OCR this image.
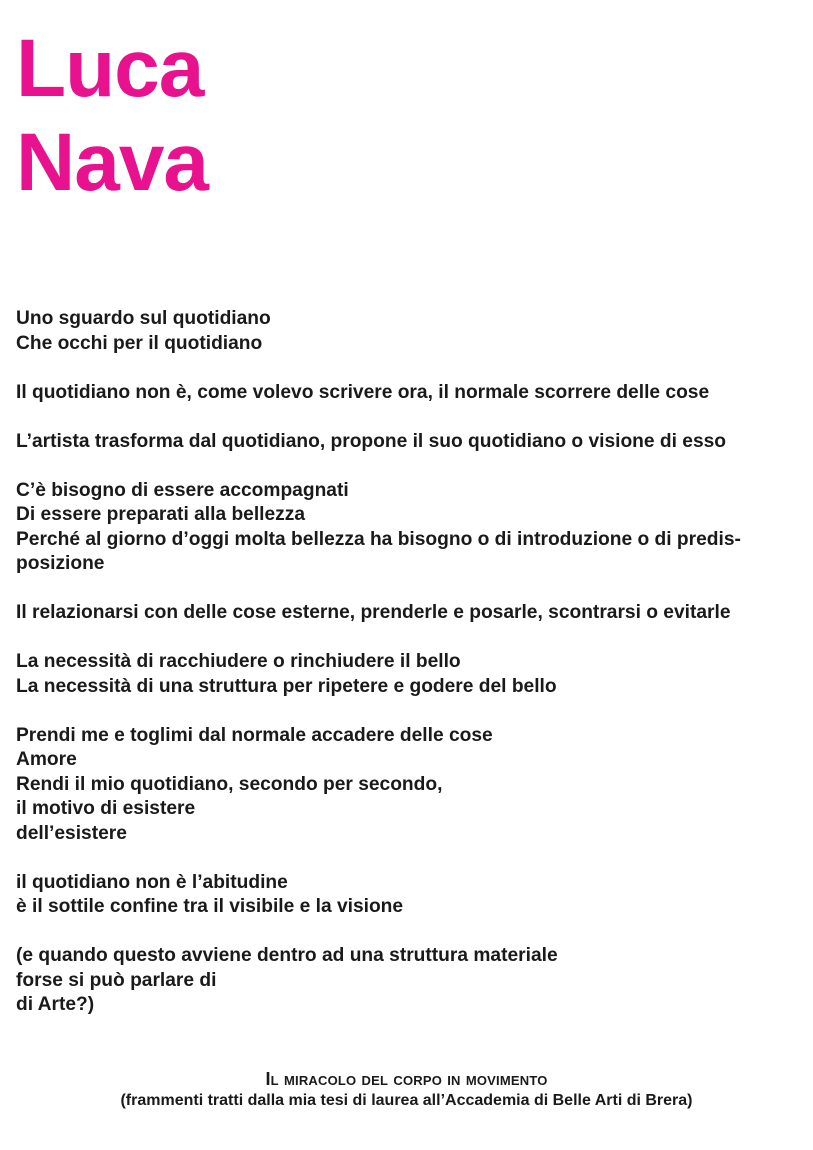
Luca
Nava

Uno sguardo sul quotidiano
Che occhi per il quotidiano

Il quotidiano non è, come volevo scrivere ora, il normale scorrere delle cose

L’artista trasforma dal quotidiano, propone il suo quotidiano o visione di esso

C’è bisogno di essere accompagnati
Di essere preparati alla bellezza
Perché al giorno d’oggi molta bellezza ha bisogno o di introduzione o di predis-
posizione

Il relazionarsi con delle cose esterne, prenderle e posarle, scontrarsi o evitarle

La necessità di racchiudere o rinchiudere il bello
La necessità di una struttura per ripetere e godere del bello

Prendi me e toglimi dal normale accadere delle cose
Amore
Rendi il mio quotidiano, secondo per secondo,
il motivo di esistere
dell’esistere

il quotidiano non è l’abitudine
è il sottile confine tra il visibile e la visione

(e quando questo avviene dentro ad una struttura materiale
forse si può parlare di
di Arte?)

Il miracolo del corpo in movimento
(frammenti tratti dalla mia tesi di laurea all’Accademia di Belle Arti di Brera)
